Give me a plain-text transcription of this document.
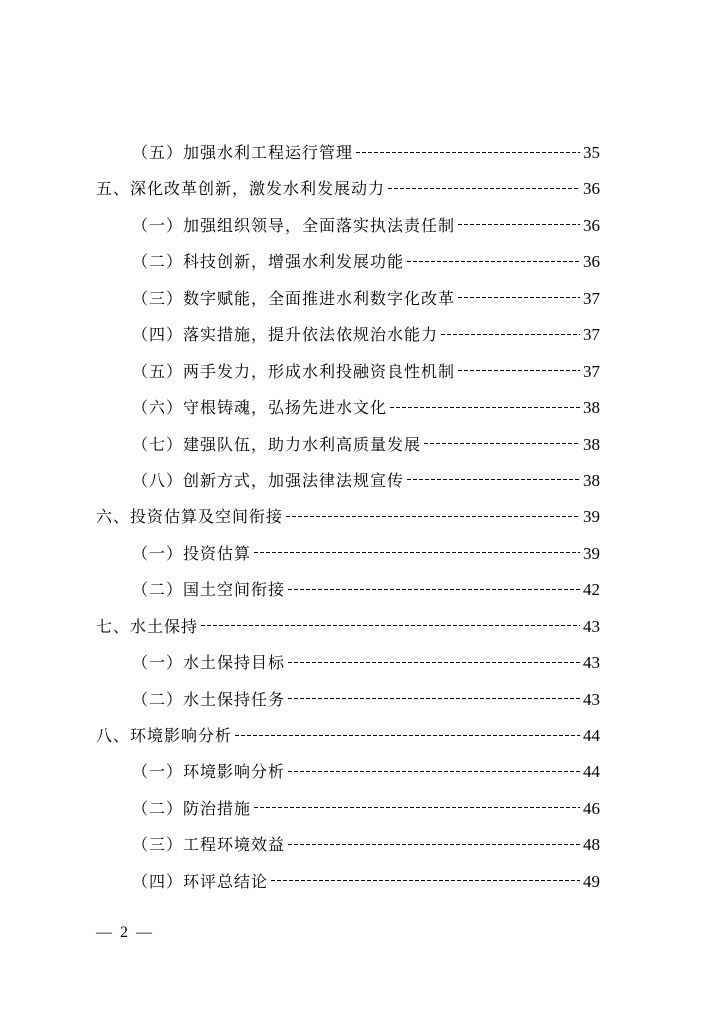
（五）加强水利工程运行管理	35
五、深化改革创新，激发水利发展动力	36
（一）加强组织领导，全面落实执法责任制	36
（二）科技创新，增强水利发展功能	36
（三）数字赋能，全面推进水利数字化改革	37
（四）落实措施，提升依法依规治水能力	37
（五）两手发力，形成水利投融资良性机制	37
（六）守根铸魂，弘扬先进水文化	38
（七）建强队伍，助力水利高质量发展	38
（八）创新方式，加强法律法规宣传	38
六、投资估算及空间衔接	39
（一）投资估算	39
（二）国土空间衔接	42
七、水土保持	43
（一）水土保持目标	43
（二）水土保持任务	43
八、环境影响分析	44
（一）环境影响分析	44
（二）防治措施	46
（三）工程环境效益	48
（四）环评总结论	49
— 2 —
